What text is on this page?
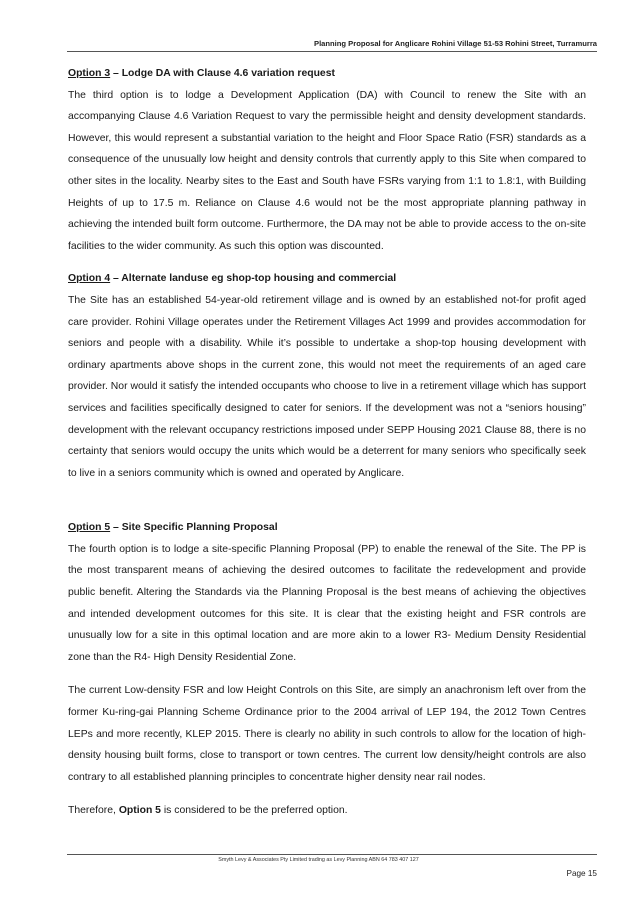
Planning Proposal for Anglicare Rohini Village 51-53 Rohini Street, Turramurra
Option 3 – Lodge DA with Clause 4.6 variation request

The third option is to lodge a Development Application (DA) with Council to renew the Site with an accompanying Clause 4.6 Variation Request to vary the permissible height and density development standards. However, this would represent a substantial variation to the height and Floor Space Ratio (FSR) standards as a consequence of the unusually low height and density controls that currently apply to this Site when compared to other sites in the locality. Nearby sites to the East and South have FSRs varying from 1:1 to 1.8:1, with Building Heights of up to 17.5 m. Reliance on Clause 4.6 would not be the most appropriate planning pathway in achieving the intended built form outcome. Furthermore, the DA may not be able to provide access to the on-site facilities to the wider community. As such this option was discounted.

Option 4 – Alternate landuse eg shop-top housing and commercial

The Site has an established 54-year-old retirement village and is owned by an established not-for profit aged care provider. Rohini Village operates under the Retirement Villages Act 1999 and provides accommodation for seniors and people with a disability. While it’s possible to undertake a shop-top housing development with ordinary apartments above shops in the current zone, this would not meet the requirements of an aged care provider. Nor would it satisfy the intended occupants who choose to live in a retirement village which has support services and facilities specifically designed to cater for seniors. If the development was not a “seniors housing” development with the relevant occupancy restrictions imposed under SEPP Housing 2021 Clause 88, there is no certainty that seniors would occupy the units which would be a deterrent for many seniors who specifically seek to live in a seniors community which is owned and operated by Anglicare.

Option 5 – Site Specific Planning Proposal

The fourth option is to lodge a site-specific Planning Proposal (PP) to enable the renewal of the Site. The PP is the most transparent means of achieving the desired outcomes to facilitate the redevelopment and provide public benefit. Altering the Standards via the Planning Proposal is the best means of achieving the objectives and intended development outcomes for this site. It is clear that the existing height and FSR controls are unusually low for a site in this optimal location and are more akin to a lower R3- Medium Density Residential zone than the R4- High Density Residential Zone.

The current Low-density FSR and low Height Controls on this Site, are simply an anachronism left over from the former Ku-ring-gai Planning Scheme Ordinance prior to the 2004 arrival of LEP 194, the 2012 Town Centres LEPs and more recently, KLEP 2015. There is clearly no ability in such controls to allow for the location of high-density housing built forms, close to transport or town centres. The current low density/height controls are also contrary to all established planning principles to concentrate higher density near rail nodes.

Therefore, Option 5 is considered to be the preferred option.

Smyth Levy & Associates Pty Limited trading as Levy Planning ABN 64 783 407 127
Page 15
